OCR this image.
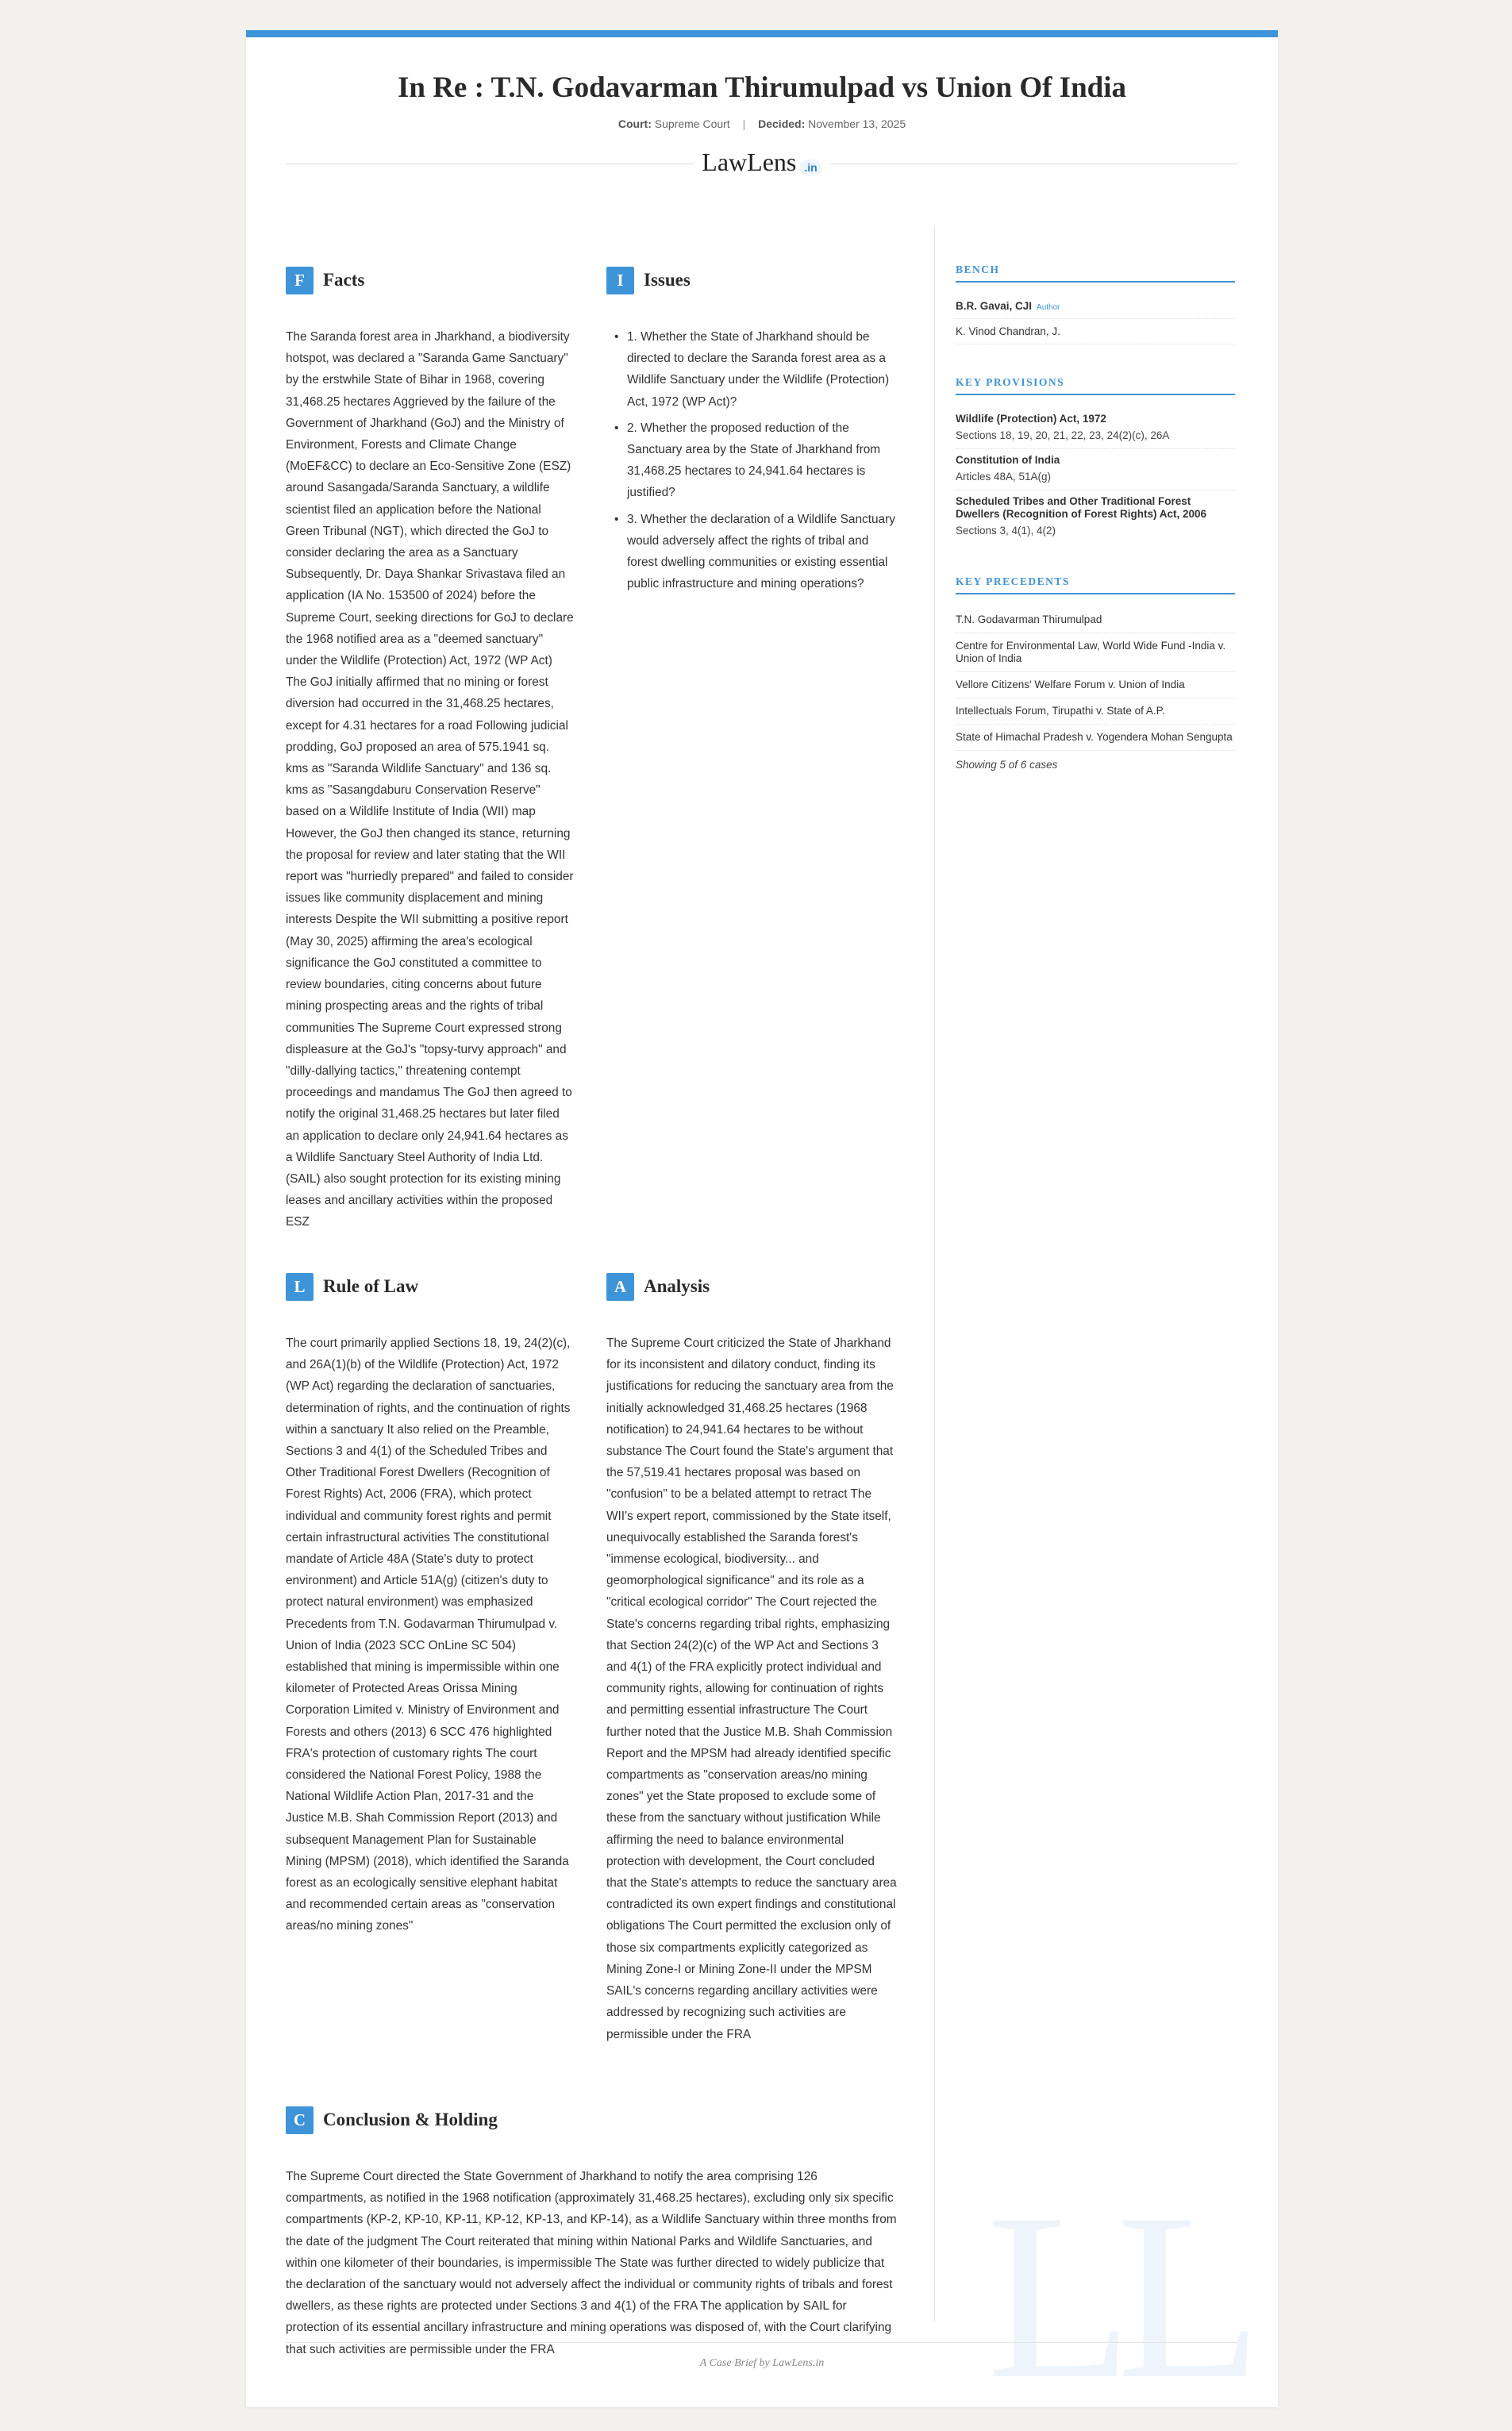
LL
In Re : T.N. Godavarman Thirumulpad vs Union Of India
Court: Supreme Court | Decided: November 13, 2025
LawLens .in
F	Facts
The Saranda forest area in Jharkhand, a biodiversity hotspot, was declared a "Saranda Game Sanctuary" by the erstwhile State of Bihar in 1968, covering 31,468.25 hectares Aggrieved by the failure of the Government of Jharkhand (GoJ) and the Ministry of Environment, Forests and Climate Change (MoEF&CC) to declare an Eco-Sensitive Zone (ESZ) around Sasangada/Saranda Sanctuary, a wildlife scientist filed an application before the National Green Tribunal (NGT), which directed the GoJ to consider declaring the area as a Sanctuary Subsequently, Dr. Daya Shankar Srivastava filed an application (IA No. 153500 of 2024) before the Supreme Court, seeking directions for GoJ to declare the 1968 notified area as a "deemed sanctuary" under the Wildlife (Protection) Act, 1972 (WP Act) The GoJ initially affirmed that no mining or forest diversion had occurred in the 31,468.25 hectares, except for 4.31 hectares for a road Following judicial prodding, GoJ proposed an area of 575.1941 sq. kms as "Saranda Wildlife Sanctuary" and 136 sq. kms as "Sasangdaburu Conservation Reserve" based on a Wildlife Institute of India (WII) map However, the GoJ then changed its stance, returning the proposal for review and later stating that the WII report was "hurriedly prepared" and failed to consider issues like community displacement and mining interests Despite the WII submitting a positive report (May 30, 2025) affirming the area's ecological significance the GoJ constituted a committee to review boundaries, citing concerns about future mining prospecting areas and the rights of tribal communities The Supreme Court expressed strong displeasure at the GoJ's "topsy-turvy approach" and "dilly-dallying tactics," threatening contempt proceedings and mandamus The GoJ then agreed to notify the original 31,468.25 hectares but later filed an application to declare only 24,941.64 hectares as a Wildlife Sanctuary Steel Authority of India Ltd. (SAIL) also sought protection for its existing mining leases and ancillary activities within the proposed ESZ
I	Issues
• 1. Whether the State of Jharkhand should be directed to declare the Saranda forest area as a Wildlife Sanctuary under the Wildlife (Protection) Act, 1972 (WP Act)?
• 2. Whether the proposed reduction of the Sanctuary area by the State of Jharkhand from 31,468.25 hectares to 24,941.64 hectares is justified?
• 3. Whether the declaration of a Wildlife Sanctuary would adversely affect the rights of tribal and forest dwelling communities or existing essential public infrastructure and mining operations?
L Rule of Law
The court primarily applied Sections 18, 19, 24(2)(c), and 26A(1)(b) of the Wildlife (Protection) Act, 1972 (WP Act) regarding the declaration of sanctuaries, determination of rights, and the continuation of rights within a sanctuary It also relied on the Preamble, Sections 3 and 4(1) of the Scheduled Tribes and Other Traditional Forest Dwellers (Recognition of Forest Rights) Act, 2006 (FRA), which protect individual and community forest rights and permit certain infrastructural activities The constitutional mandate of Article 48A (State's duty to protect environment) and Article 51A(g) (citizen's duty to protect natural environment) was emphasized Precedents from T.N. Godavarman Thirumulpad v. Union of India (2023 SCC OnLine SC 504) established that mining is impermissible within one kilometer of Protected Areas Orissa Mining Corporation Limited v. Ministry of Environment and Forests and others (2013) 6 SCC 476 highlighted FRA's protection of customary rights The court considered the National Forest Policy, 1988 the National Wildlife Action Plan, 2017-31 and the Justice M.B. Shah Commission Report (2013) and subsequent Management Plan for Sustainable Mining (MPSM) (2018), which identified the Saranda forest as an ecologically sensitive elephant habitat and recommended certain areas as "conservation areas/no mining zones"
A Analysis
The Supreme Court criticized the State of Jharkhand for its inconsistent and dilatory conduct, finding its justifications for reducing the sanctuary area from the initially acknowledged 31,468.25 hectares (1968 notification) to 24,941.64 hectares to be without substance The Court found the State's argument that the 57,519.41 hectares proposal was based on "confusion" to be a belated attempt to retract The WII's expert report, commissioned by the State itself, unequivocally established the Saranda forest's "immense ecological, biodiversity... and geomorphological significance" and its role as a "critical ecological corridor" The Court rejected the State's concerns regarding tribal rights, emphasizing that Section 24(2)(c) of the WP Act and Sections 3 and 4(1) of the FRA explicitly protect individual and community rights, allowing for continuation of rights and permitting essential infrastructure The Court further noted that the Justice M.B. Shah Commission Report and the MPSM had already identified specific compartments as "conservation areas/no mining zones" yet the State proposed to exclude some of these from the sanctuary without justification While affirming the need to balance environmental protection with development, the Court concluded that the State's attempts to reduce the sanctuary area contradicted its own expert findings and constitutional obligations The Court permitted the exclusion only of those six compartments explicitly categorized as Mining Zone-I or Mining Zone-II under the MPSM SAIL's concerns regarding ancillary activities were addressed by recognizing such activities are permissible under the FRA
C Conclusion & Holding
The Supreme Court directed the State Government of Jharkhand to notify the area comprising 126 compartments, as notified in the 1968 notification (approximately 31,468.25 hectares), excluding only six specific compartments (KP-2, KP-10, KP-11, KP-12, KP-13, and KP-14), as a Wildlife Sanctuary within three months from the date of the judgment The Court reiterated that mining within National Parks and Wildlife Sanctuaries, and within one kilometer of their boundaries, is impermissible The State was further directed to widely publicize that the declaration of the sanctuary would not adversely affect the individual or community rights of tribals and forest dwellers, as these rights are protected under Sections 3 and 4(1) of the FRA The application by SAIL for protection of its essential ancillary infrastructure and mining operations was disposed of, with the Court clarifying that such activities are permissible under the FRA
BENCH
B.R. Gavai, CJI Author
K. Vinod Chandran, J.
KEY PROVISIONS
Wildlife (Protection) Act, 1972
Sections 18, 19, 20, 21, 22, 23, 24(2)(c), 26A
Constitution of India
Articles 48A, 51A(g)
Scheduled Tribes and Other Traditional Forest Dwellers (Recognition of Forest Rights) Act, 2006
Sections 3, 4(1), 4(2)
KEY PRECEDENTS
T.N. Godavarman Thirumulpad
Centre for Environmental Law, World Wide Fund -India v. Union of India
Vellore Citizens' Welfare Forum v. Union of India
Intellectuals Forum, Tirupathi v. State of A.P.
State of Himachal Pradesh v. Yogendera Mohan Sengupta
Showing 5 of 6 cases
A Case Brief by LawLens.in
